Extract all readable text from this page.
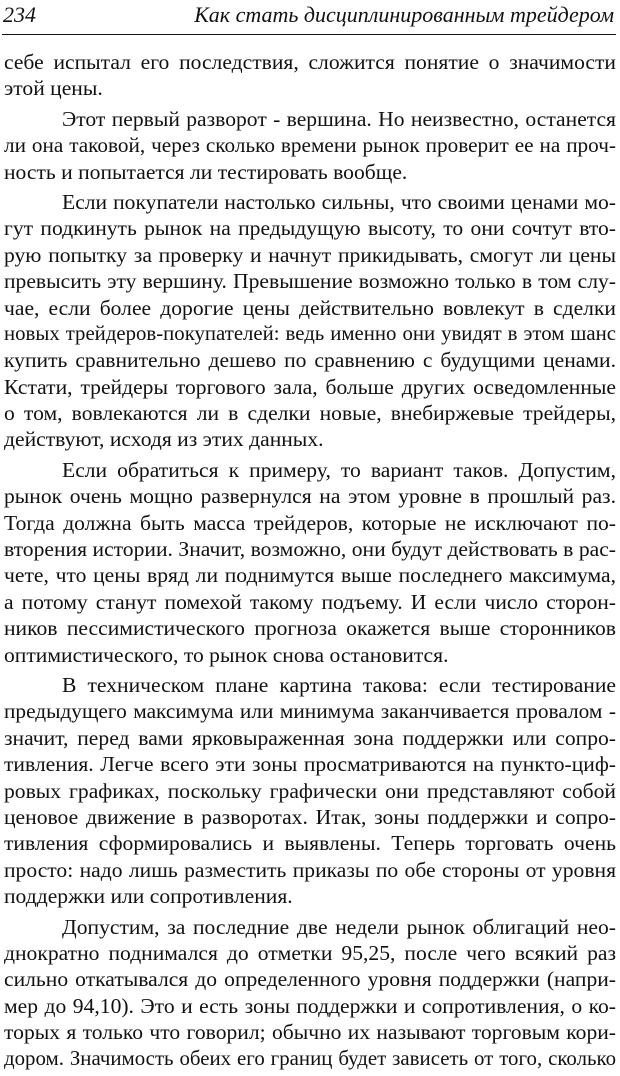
234	Как стать дисциплинированным трейдером
себе испытал его последствия, сложится понятие о значимости
этой цены.
Этот первый разворот - вершина. Но неизвестно, останется
ли она таковой, через сколько времени рынок проверит ее на проч-
ность и попытается ли тестировать вообще.
Если покупатели настолько сильны, что своими ценами мо-
гут подкинуть рынок на предыдущую высоту, то они сочтут вто-
рую попытку за проверку и начнут прикидывать, смогут ли цены
превысить эту вершину. Превышение возможно только в том слу-
чае, если более дорогие цены действительно вовлекут в сделки
новых трейдеров-покупателей: ведь именно они увидят в этом шанс
купить сравнительно дешево по сравнению с будущими ценами.
Кстати, трейдеры торгового зала, больше других осведомленные
о том, вовлекаются ли в сделки новые, внебиржевые трейдеры,
действуют, исходя из этих данных.
Если обратиться к примеру, то вариант таков. Допустим,
рынок очень мощно развернулся на этом уровне в прошлый раз.
Тогда должна быть масса трейдеров, которые не исключают по-
вторения истории. Значит, возможно, они будут действовать в рас-
чете, что цены вряд ли поднимутся выше последнего максимума,
а потому станут помехой такому подъему. И если число сторон-
ников пессимистического прогноза окажется выше сторонников
оптимистического, то рынок снова остановится.
В техническом плане картина такова: если тестирование
предыдущего максимума или минимума заканчивается провалом -
значит, перед вами ярковыраженная зона поддержки или сопро-
тивления. Легче всего эти зоны просматриваются на пункто-циф-
ровых графиках, поскольку графически они представляют собой
ценовое движение в разворотах. Итак, зоны поддержки и сопро-
тивления сформировались и выявлены. Теперь торговать очень
просто: надо лишь разместить приказы по обе стороны от уровня
поддержки или сопротивления.
Допустим, за последние две недели рынок облигаций нео-
днократно поднимался до отметки 95,25, после чего всякий раз
сильно откатывался до определенного уровня поддержки (напри-
мер до 94,10). Это и есть зоны поддержки и сопротивления, о ко-
торых я только что говорил; обычно их называют торговым кори-
дором. Значимость обеих его границ будет зависеть от того, сколько
